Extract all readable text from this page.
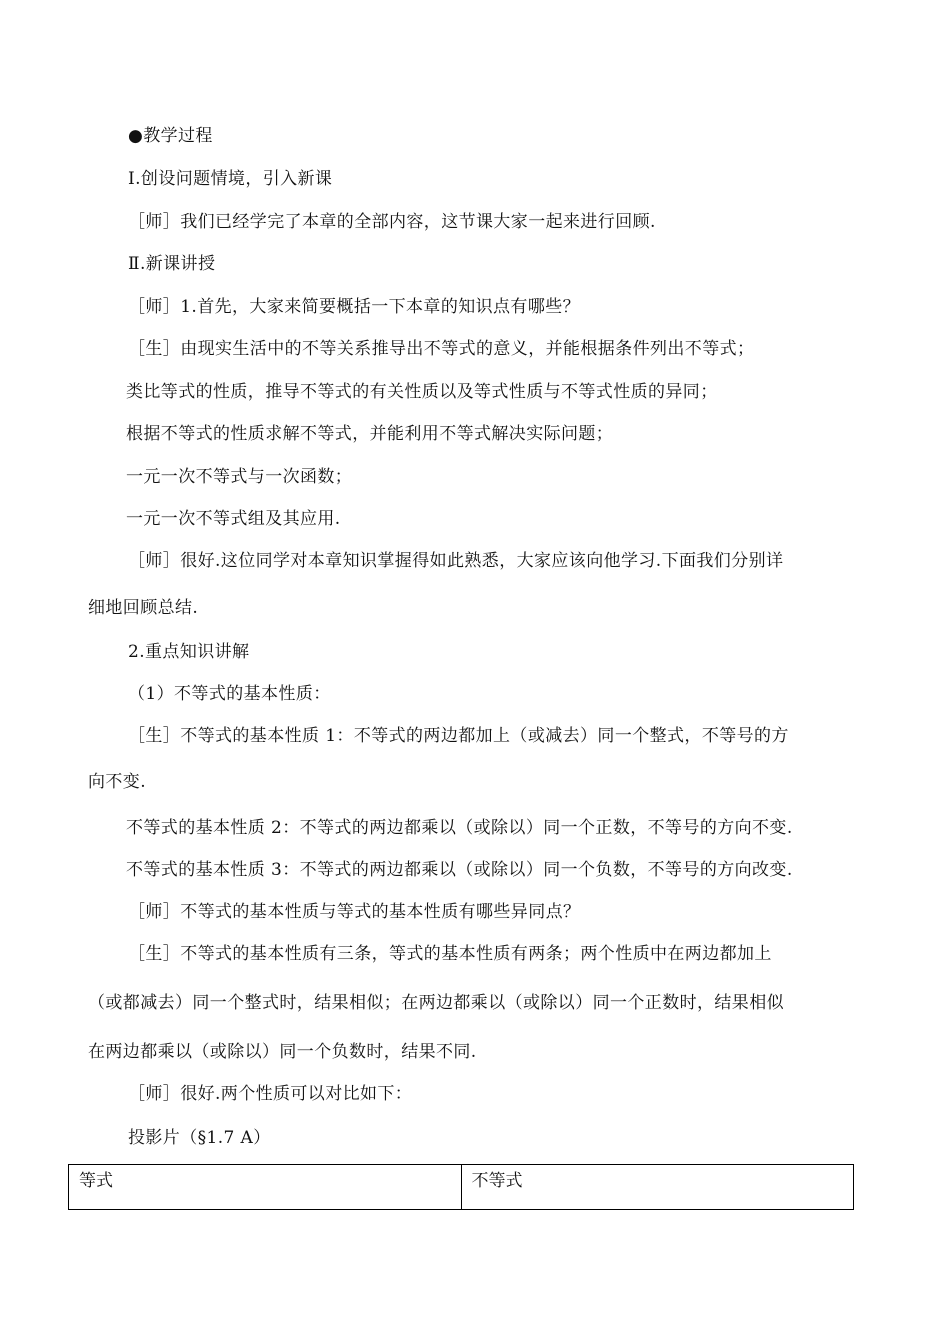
●教学过程
Ⅰ.创设问题情境，引入新课
［师］我们已经学完了本章的全部内容，这节课大家一起来进行回顾.
Ⅱ.新课讲授
［师］1.首先，大家来简要概括一下本章的知识点有哪些？
［生］由现实生活中的不等关系推导出不等式的意义，并能根据条件列出不等式；
类比等式的性质，推导不等式的有关性质以及等式性质与不等式性质的异同；
根据不等式的性质求解不等式，并能利用不等式解决实际问题；
一元一次不等式与一次函数；
一元一次不等式组及其应用.
［师］很好.这位同学对本章知识掌握得如此熟悉，大家应该向他学习.下面我们分别详
细地回顾总结.
2.重点知识讲解
（1）不等式的基本性质：
［生］不等式的基本性质 1：不等式的两边都加上（或减去）同一个整式，不等号的方
向不变.
不等式的基本性质 2：不等式的两边都乘以（或除以）同一个正数，不等号的方向不变.
不等式的基本性质 3：不等式的两边都乘以（或除以）同一个负数，不等号的方向改变.
［师］不等式的基本性质与等式的基本性质有哪些异同点？
［生］不等式的基本性质有三条，等式的基本性质有两条；两个性质中在两边都加上
（或都减去）同一个整式时，结果相似；在两边都乘以（或除以）同一个正数时，结果相似
在两边都乘以（或除以）同一个负数时，结果不同.
［师］很好.两个性质可以对比如下：
投影片（§1.7 A）
等式	不等式
